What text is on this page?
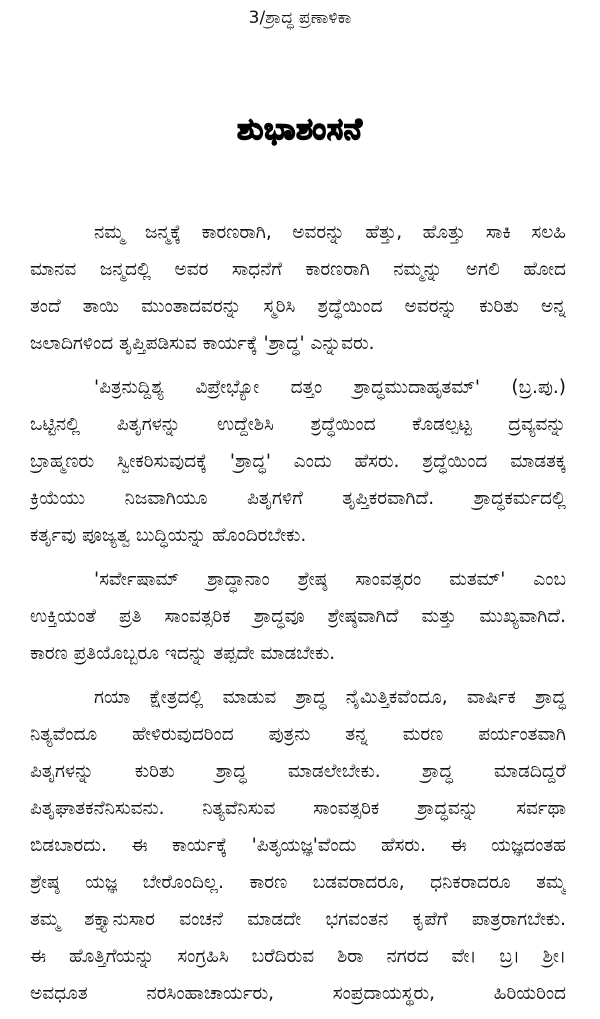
3/ಶ್ರಾದ್ಧ ಪ್ರಣಾಳಿಕಾ
ಶುಭಾಶಂಸನೆ
ನಮ್ಮ ಜನ್ಮಕ್ಕೆ ಕಾರಣರಾಗಿ, ಅವರನ್ನು ಹೆತ್ತು, ಹೊತ್ತು ಸಾಕಿ ಸಲಹಿ
ಮಾನವ ಜನ್ಮದಲ್ಲಿ ಅವರ ಸಾಧನೆಗೆ ಕಾರಣರಾಗಿ ನಮ್ಮನ್ನು ಅಗಲಿ ಹೋದ
ತಂದೆ ತಾಯಿ ಮುಂತಾದವರನ್ನು ಸ್ಮರಿಸಿ ಶ್ರದ್ಧೆಯಿಂದ ಅವರನ್ನು ಕುರಿತು ಅನ್ನ
ಜಲಾದಿಗಳಿಂದ ತೃಪ್ತಿಪಡಿಸುವ ಕಾರ್ಯಕ್ಕೆ 'ಶ್ರಾದ್ಧ' ಎನ್ನುವರು.
'ಪಿತ್ರನುದ್ದಿಶ್ಯ ವಿಪ್ರೇಭ್ಯೋ ದತ್ತಂ ಶ್ರಾದ್ಧಮುದಾಹೃತಮ್' (ಬ್ರ.ಪು.)
ಒಟ್ಟಿನಲ್ಲಿ ಪಿತೃಗಳನ್ನು ಉದ್ದೇಶಿಸಿ ಶ್ರದ್ಧೆಯಿಂದ ಕೊಡಲ್ಪಟ್ಟ ದ್ರವ್ಯವನ್ನು
ಬ್ರಾಹ್ಮಣರು ಸ್ವೀಕರಿಸುವುದಕ್ಕೆ 'ಶ್ರಾದ್ಧ' ಎಂದು ಹೆಸರು. ಶ್ರದ್ಧೆಯಿಂದ ಮಾಡತಕ್ಕ
ಕ್ರಿಯೆಯು ನಿಜವಾಗಿಯೂ ಪಿತೃಗಳಿಗೆ ತೃಪ್ತಿಕರವಾಗಿದೆ. ಶ್ರಾದ್ಧಕರ್ಮದಲ್ಲಿ
ಕರ್ತೃವು ಪೂಜ್ಯತ್ವ ಬುದ್ಧಿಯನ್ನು ಹೊಂದಿರಬೇಕು.
'ಸರ್ವೇಷಾಮ್ ಶ್ರಾದ್ಧಾನಾಂ ಶ್ರೇಷ್ಠ ಸಾಂವತ್ಸರಂ ಮತಮ್' ಎಂಬ
ಉಕ್ತಿಯಂತೆ ಪ್ರತಿ ಸಾಂವತ್ಸರಿಕ ಶ್ರಾದ್ಧವೂ ಶ್ರೇಷ್ಠವಾಗಿದೆ ಮತ್ತು ಮುಖ್ಯವಾಗಿದೆ.
ಕಾರಣ ಪ್ರತಿಯೊಬ್ಬರೂ ಇದನ್ನು ತಪ್ಪದೇ ಮಾಡಬೇಕು.
ಗಯಾ ಕ್ಷೇತ್ರದಲ್ಲಿ ಮಾಡುವ ಶ್ರಾದ್ಧ ನೈಮಿತ್ತಿಕವೆಂದೂ, ವಾರ್ಷಿಕ ಶ್ರಾದ್ಧ
ನಿತ್ಯವೆಂದೂ ಹೇಳಿರುವುದರಿಂದ ಪುತ್ರನು ತನ್ನ ಮರಣ ಪರ್ಯಂತವಾಗಿ
ಪಿತೃಗಳನ್ನು ಕುರಿತು ಶ್ರಾದ್ಧ ಮಾಡಲೇಬೇಕು. ಶ್ರಾದ್ಧ ಮಾಡದಿದ್ದರೆ
ಪಿತೃಘಾತಕನೆನಿಸುವನು. ನಿತ್ಯವೆನಿಸುವ ಸಾಂವತ್ಸರಿಕ ಶ್ರಾದ್ಧವನ್ನು ಸರ್ವಥಾ
ಬಿಡಬಾರದು. ಈ ಕಾರ್ಯಕ್ಕೆ 'ಪಿತೃಯಜ್ಞ'ವೆಂದು ಹೆಸರು. ಈ ಯಜ್ಞದಂತಹ
ಶ್ರೇಷ್ಠ ಯಜ್ಞ ಬೇರೊಂದಿಲ್ಲ. ಕಾರಣ ಬಡವರಾದರೂ, ಧನಿಕರಾದರೂ ತಮ್ಮ
ತಮ್ಮ ಶಕ್ತ್ಯಾನುಸಾರ ವಂಚನೆ ಮಾಡದೇ ಭಗವಂತನ ಕೃಪೆಗೆ ಪಾತ್ರರಾಗಬೇಕು.
ಈ ಹೊತ್ತಿಗೆಯನ್ನು ಸಂಗ್ರಹಿಸಿ ಬರೆದಿರುವ ಶಿರಾ ನಗರದ ವೇ। ಬ್ರ। ಶ್ರೀ।
ಅವಧೂತ ನರಸಿಂಹಾಚಾರ್ಯರು, ಸಂಪ್ರದಾಯಸ್ಥರು, ಹಿರಿಯರಿಂದ
